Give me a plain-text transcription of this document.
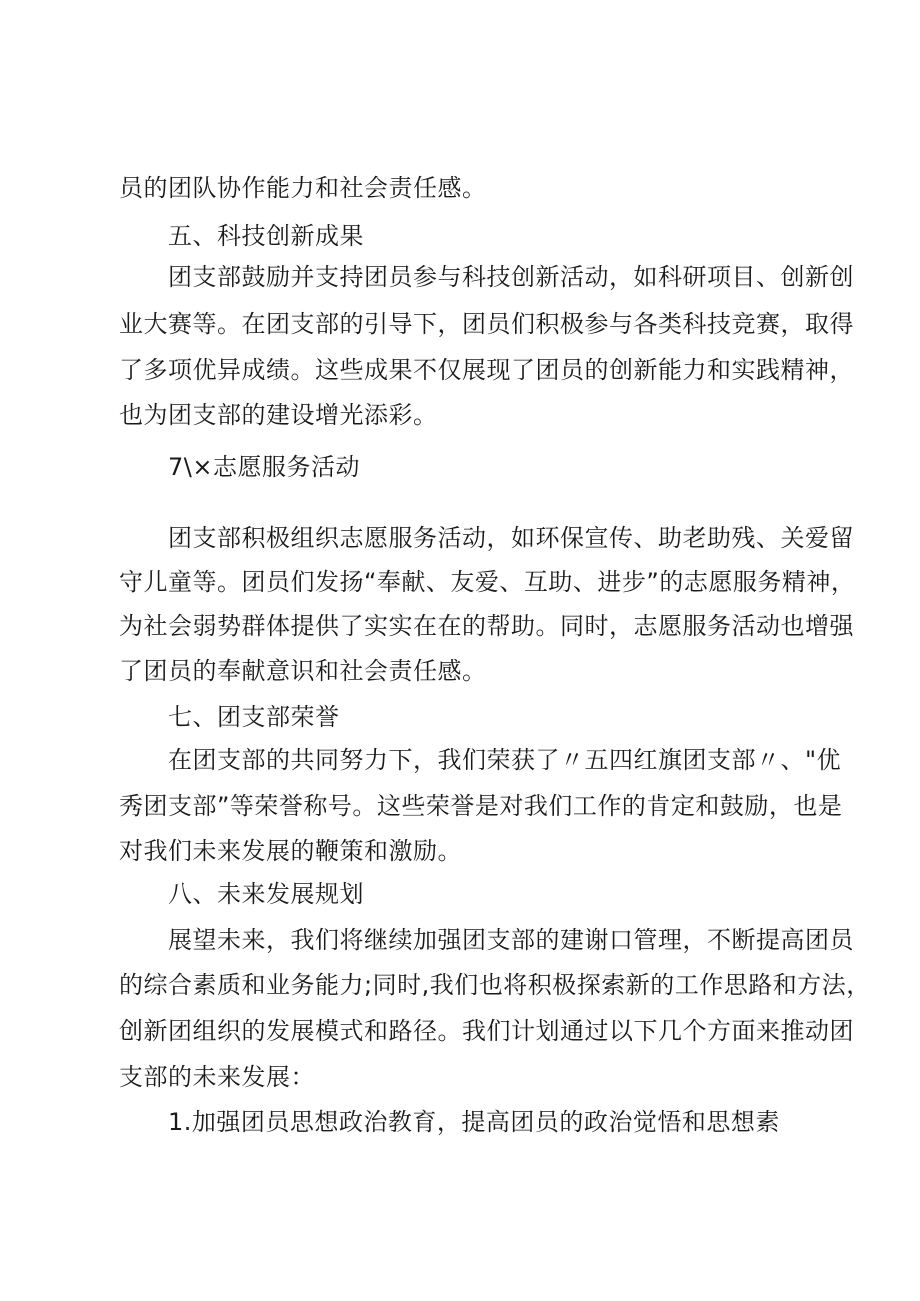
员的团队协作能力和社会责任感。
五、科技创新成果
团支部鼓励并支持团员参与科技创新活动，如科研项目、创新创
业大赛等。在团支部的引导下，团员们积极参与各类科技竞赛，取得
了多项优异成绩。这些成果不仅展现了团员的创新能力和实践精神，
也为团支部的建设增光添彩。
7\×志愿服务活动
团支部积极组织志愿服务活动，如环保宣传、助老助残、关爱留
守儿童等。团员们发扬“奉献、友爱、互助、进步”的志愿服务精神，
为社会弱势群体提供了实实在在的帮助。同时，志愿服务活动也增强
了团员的奉献意识和社会责任感。
七、团支部荣誉
在团支部的共同努力下，我们荣获了〃五四红旗团支部〃、"优
秀团支部”等荣誉称号。这些荣誉是对我们工作的肯定和鼓励，也是
对我们未来发展的鞭策和激励。
八、未来发展规划
展望未来，我们将继续加强团支部的建谢口管理，不断提高团员
的综合素质和业务能力;同时,我们也将积极探索新的工作思路和方法，
创新团组织的发展模式和路径。我们计划通过以下几个方面来推动团
支部的未来发展：
1.加强团员思想政治教育，提高团员的政治觉悟和思想素
